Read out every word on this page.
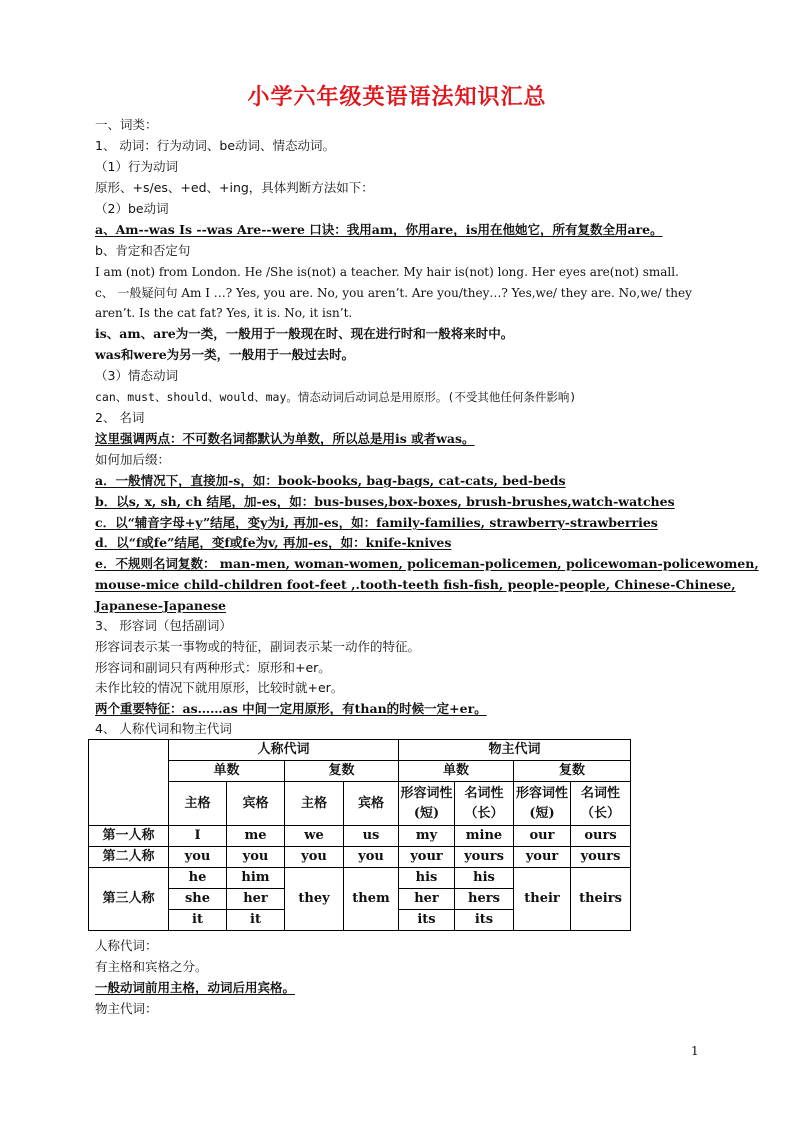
小学六年级英语语法知识汇总
一、词类：
1、 动词：行为动词、be动词、情态动词。
（1）行为动词
原形、+s/es、+ed、+ing，具体判断方法如下：
（2）be动词
a、Am--was Is --was Are--were 口诀：我用am，你用are，is用在他她它，所有复数全用are。
b、肯定和否定句
I am (not) from London. He /She is(not) a teacher. My hair is(not) long. Her eyes are(not) small.
c、 一般疑问句 Am I …? Yes, you are. No, you aren’t. Are you/they…? Yes,we/ they are. No,we/ they
aren’t. Is the cat fat? Yes, it is. No, it isn’t.
is、am、are为一类，一般用于一般现在时、现在进行时和一般将来时中。
was和were为另一类，一般用于一般过去时。
（3）情态动词
can、must、should、would、may。情态动词后动词总是用原形。(不受其他任何条件影响)
2、 名词
这里强调两点：不可数名词都默认为单数，所以总是用is 或者was。
如何加后缀：
a．一般情况下，直接加-s，如：book-books, bag-bags, cat-cats, bed-beds
b．以s, x, sh, ch 结尾，加-es，如：bus-buses,box-boxes, brush-brushes,watch-watches
c．以“辅音字母+y”结尾，变y为i, 再加-es，如：family-families, strawberry-strawberries
d．以“f或fe”结尾，变f或fe为v, 再加-es，如：knife-knives
e．不规则名词复数： man-men, woman-women, policeman-policemen, policewoman-policewomen,
mouse-mice child-children foot-feet ,.tooth-teeth fish-fish, people-people, Chinese-Chinese,
Japanese-Japanese
3、 形容词（包括副词）
形容词表示某一事物或的特征，副词表示某一动作的特征。
形容词和副词只有两种形式：原形和+er。
未作比较的情况下就用原形，比较时就+er。
两个重要特征：as……as 中间一定用原形，有than的时候一定+er。
4、 人称代词和物主代词
	人称代词				物主代词			
	单数		复数		单数		复数	
	主格	宾格	主格	宾格	形容词性(短)	名词性（长）	形容词性(短)	名词性（长）
第一人称	I	me	we	us	my	mine	our	ours
第二人称	you	you	you	you	your	yours	your	yours
第三人称	he	him	they	them	his	his	their	theirs
	she	her			her	hers		
	it	it			its	its		
人称代词：
有主格和宾格之分。
一般动词前用主格，动词后用宾格。
物主代词：
1
